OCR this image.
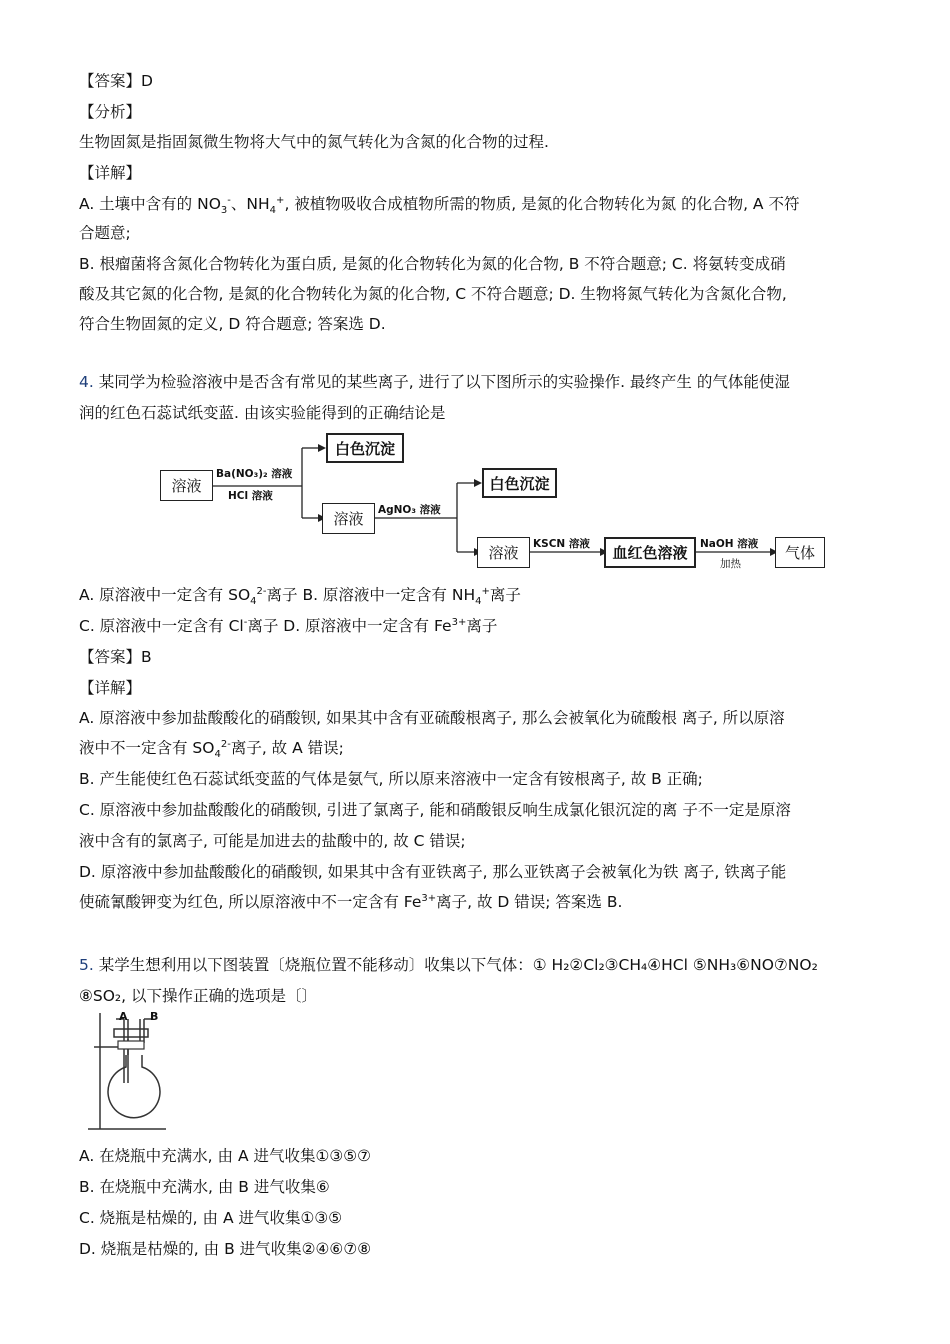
【答案】D
【分析】
生物固氮是指固氮微生物将大气中的氮气转化为含氮的化合物的过程.
【详解】
A. 土壤中含有的 $NO_3^-$、$NH_4^+$, 被植物吸收合成植物所需的物质, 是氮的化合物转化为氮 的化合物, A 不符
合题意;
B. 根瘤菌将含氮化合物转化为蛋白质, 是氮的化合物转化为氮的化合物, B 不符合题意; C. 将氨转变成硝
酸及其它氮的化合物, 是氮的化合物转化为氮的化合物, C 不符合题意; D. 生物将氮气转化为含氮化合物,
符合生物固氮的定义, D 符合题意; 答案选 D.
4. 某同学为检验溶液中是否含有常见的某些离子, 进行了以下图所示的实验操作. 最终产生 的气体能使湿
润的红色石蕊试纸变蓝. 由该实验能得到的正确结论是
溶液
白色沉淀
溶液
白色沉淀
溶液	血红色溶液	气体
Ba(NO₃)₂ 溶液
HCl 溶液
AgNO₃ 溶液
KSCN 溶液	NaOH 溶液
加热
A. 原溶液中一定含有 $SO_4^{2-}$离子 B. 原溶液中一定含有 $NH_4^+$离子
C. 原溶液中一定含有 Cl-离子 D. 原溶液中一定含有 $Fe^{3+}$离子
【答案】B
【详解】
A. 原溶液中参加盐酸酸化的硝酸钡, 如果其中含有亚硫酸根离子, 那么会被氧化为硫酸根 离子, 所以原溶
液中不一定含有 $SO_4^{2-}$离子, 故 A 错误;
B. 产生能使红色石蕊试纸变蓝的气体是氨气, 所以原来溶液中一定含有铵根离子, 故 B 正确;
C. 原溶液中参加盐酸酸化的硝酸钡, 引进了氯离子, 能和硝酸银反响生成氯化银沉淀的离 子不一定是原溶
液中含有的氯离子, 可能是加进去的盐酸中的, 故 C 错误;
D. 原溶液中参加盐酸酸化的硝酸钡, 如果其中含有亚铁离子, 那么亚铁离子会被氧化为铁 离子, 铁离子能
使硫氰酸钾变为红色, 所以原溶液中不一定含有 $Fe^{3+}$离子, 故 D 错误; 答案选 B.
5. 某学生想利用以下图装置〔烧瓶位置不能移动〕收集以下气体：① H₂②Cl₂③CH₄④HCl ⑤NH₃⑥NO⑦NO₂
⑧SO₂, 以下操作正确的选项是〔〕
A B
A. 在烧瓶中充满水, 由 A 进气收集①③⑤⑦
B. 在烧瓶中充满水, 由 B 进气收集⑥
C. 烧瓶是枯燥的, 由 A 进气收集①③⑤
D. 烧瓶是枯燥的, 由 B 进气收集②④⑥⑦⑧
